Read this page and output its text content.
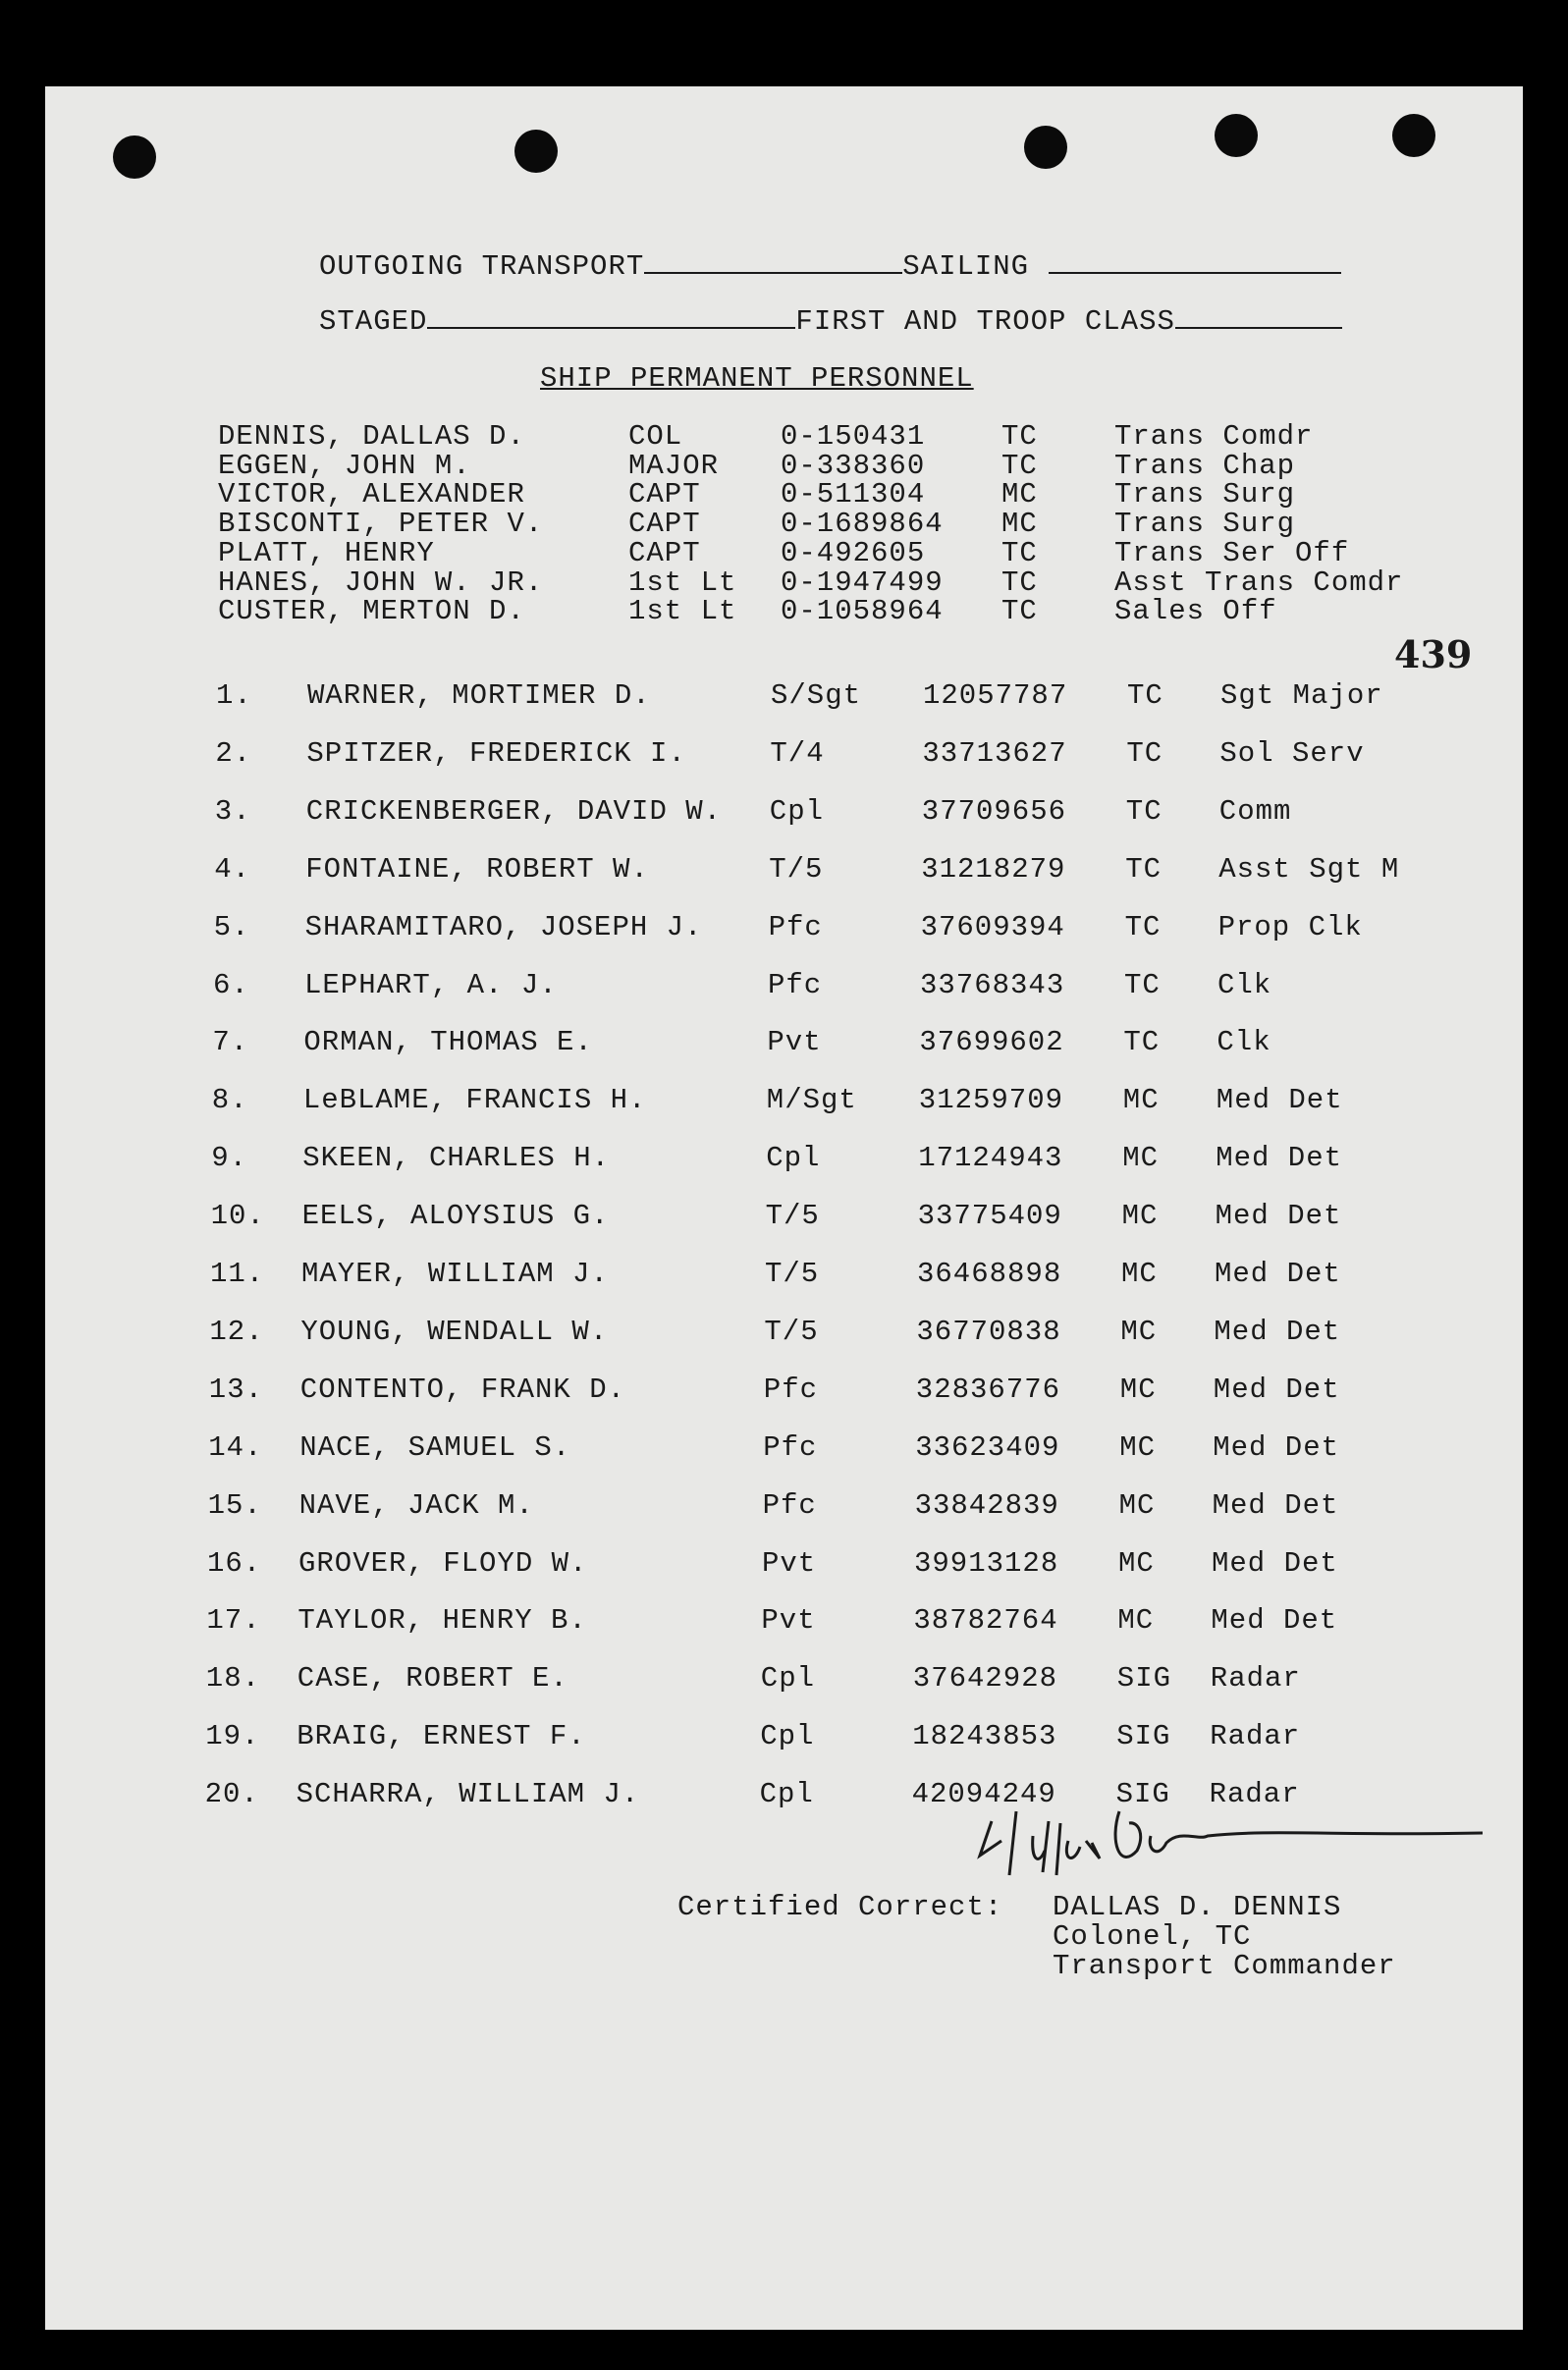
OUTGOING TRANSPORT	SAILING
STAGED	FIRST AND TROOP CLASS
SHIP PERMANENT PERSONNEL
DENNIS, DALLAS D.	COL	0-150431	TC	Trans Comdr
EGGEN, JOHN M.	MAJOR 0-338360	TC	Trans Chap
VICTOR, ALEXANDER	CAPT	0-511304	MC	Trans Surg
BISCONTI, PETER V.	CAPT	0-1689864 MC	Trans Surg
PLATT, HENRY	CAPT	0-492605	TC	Trans Ser Off
HANES, JOHN W. JR.	1st Lt 0-1947499 TC	Asst Trans Comdr
CUSTER, MERTON D.	1st Lt 0-1058964 TC	Sales Off
439
1. WARNER, MORTIMER D.	S/Sgt 12057787 TC Sgt Major
2. SPITZER, FREDERICK I.	T/4	33713627 TC Sol Serv
3. CRICKENBERGER, DAVID W. Cpl	37709656 TC Comm
4. FONTAINE, ROBERT W.	T/5	31218279 TC Asst Sgt M
5. SHARAMITARO, JOSEPH J. Pfc	37609394 TC Prop Clk
6. LEPHART, A. J.	Pfc	33768343 TC Clk
7. ORMAN, THOMAS E.	Pvt	37699602 TC Clk
8. LeBLAME, FRANCIS H.	M/Sgt 31259709 MC Med Det
9. SKEEN, CHARLES H.	Cpl	17124943 MC Med Det
10. EELS, ALOYSIUS G.	T/5	33775409 MC Med Det
11. MAYER, WILLIAM J.	T/5	36468898 MC Med Det
12. YOUNG, WENDALL W.	T/5	36770838 MC Med Det
13. CONTENTO, FRANK D.	Pfc	32836776 MC Med Det
14. NACE, SAMUEL S.	Pfc	33623409 MC Med Det
15. NAVE, JACK M.	Pfc	33842839 MC Med Det
16. GROVER, FLOYD W.	Pvt	39913128 MC Med Det
17. TAYLOR, HENRY B.	Pvt	38782764 MC Med Det
18. CASE, ROBERT E.	Cpl	37642928 SIG Radar
19. BRAIG, ERNEST F.	Cpl	18243853 SIG Radar
20. SCHARRA, WILLIAM J.	Cpl	42094249 SIG Radar
Certified Correct: DALLAS D. DENNIS
Colonel, TC
Transport Commander
